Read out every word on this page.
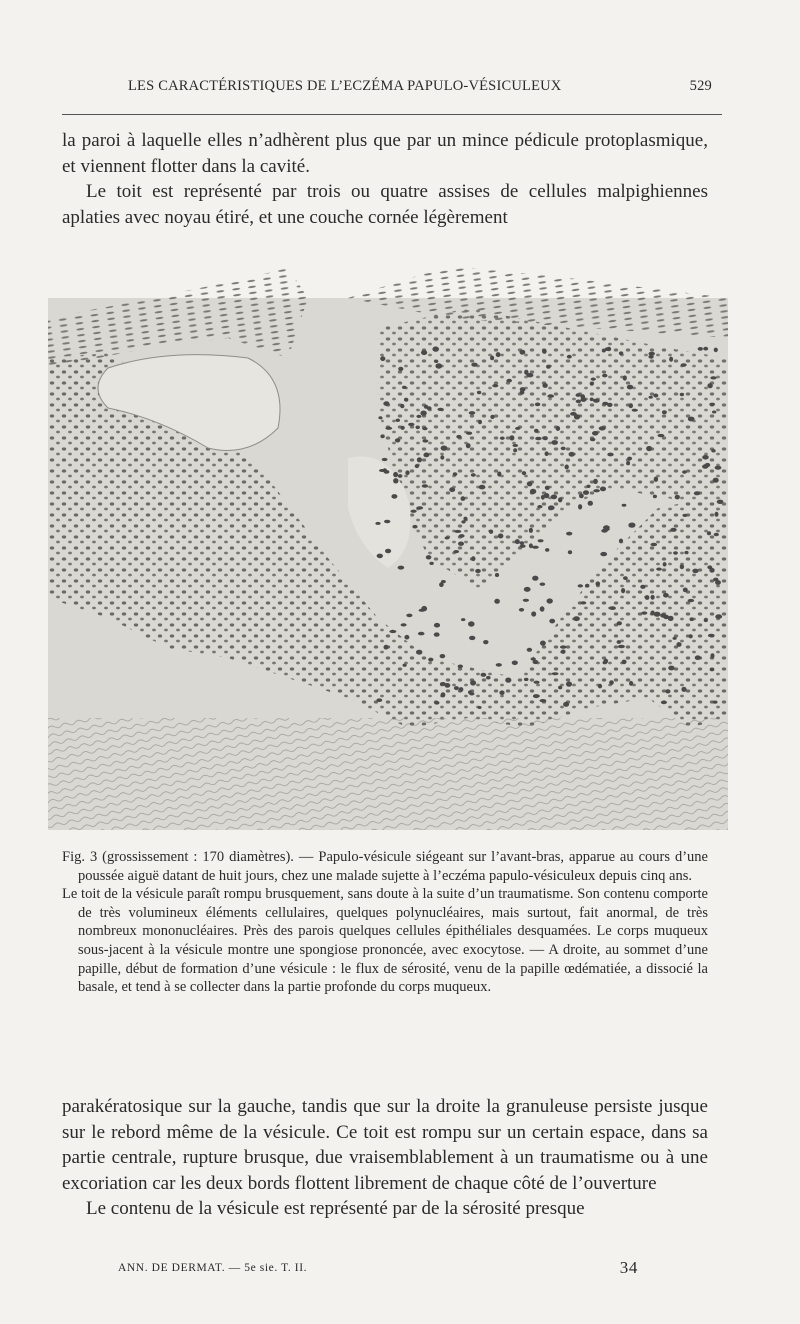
LES CARACTÉRISTIQUES DE L’ECZÉMA PAPULO-VÉSICULEUX	529

la paroi à laquelle elles n’adhèrent plus que par un mince pédicule protoplasmique, et viennent flotter dans la cavité.

Le toit est représenté par trois ou quatre assises de cellules malpighiennes aplaties avec noyau étiré, et une couche cornée légèrement

Fig. 3 (grossissement : 170 diamètres). — Papulo-vésicule siégeant sur l’avant-bras, apparue au cours d’une poussée aiguë datant de huit jours, chez une malade sujette à l’eczéma papulo-vésiculeux depuis cinq ans.

Le toit de la vésicule paraît rompu brusquement, sans doute à la suite d’un traumatisme. Son contenu comporte de très volumineux éléments cellulaires, quelques polynucléaires, mais surtout, fait anormal, de très nombreux mononucléaires. Près des parois quelques cellules épithéliales desquamées. Le corps muqueux sous-jacent à la vésicule montre une spongiose prononcée, avec exocytose. — A droite, au sommet d’une papille, début de formation d’une vésicule : le flux de sérosité, venu de la papille œdématiée, a dissocié la basale, et tend à se collecter dans la partie profonde du corps muqueux.

parakératosique sur la gauche, tandis que sur la droite la granuleuse persiste jusque sur le rebord même de la vésicule. Ce toit est rompu sur un certain espace, dans sa partie centrale, rupture brusque, due vraisemblablement à un traumatisme ou à une excoriation car les deux bords flottent librement de chaque côté de l’ouverture

Le contenu de la vésicule est représenté par de la sérosité presque

ANN. DE DERMAT. — 5e sie. T. II.	34
